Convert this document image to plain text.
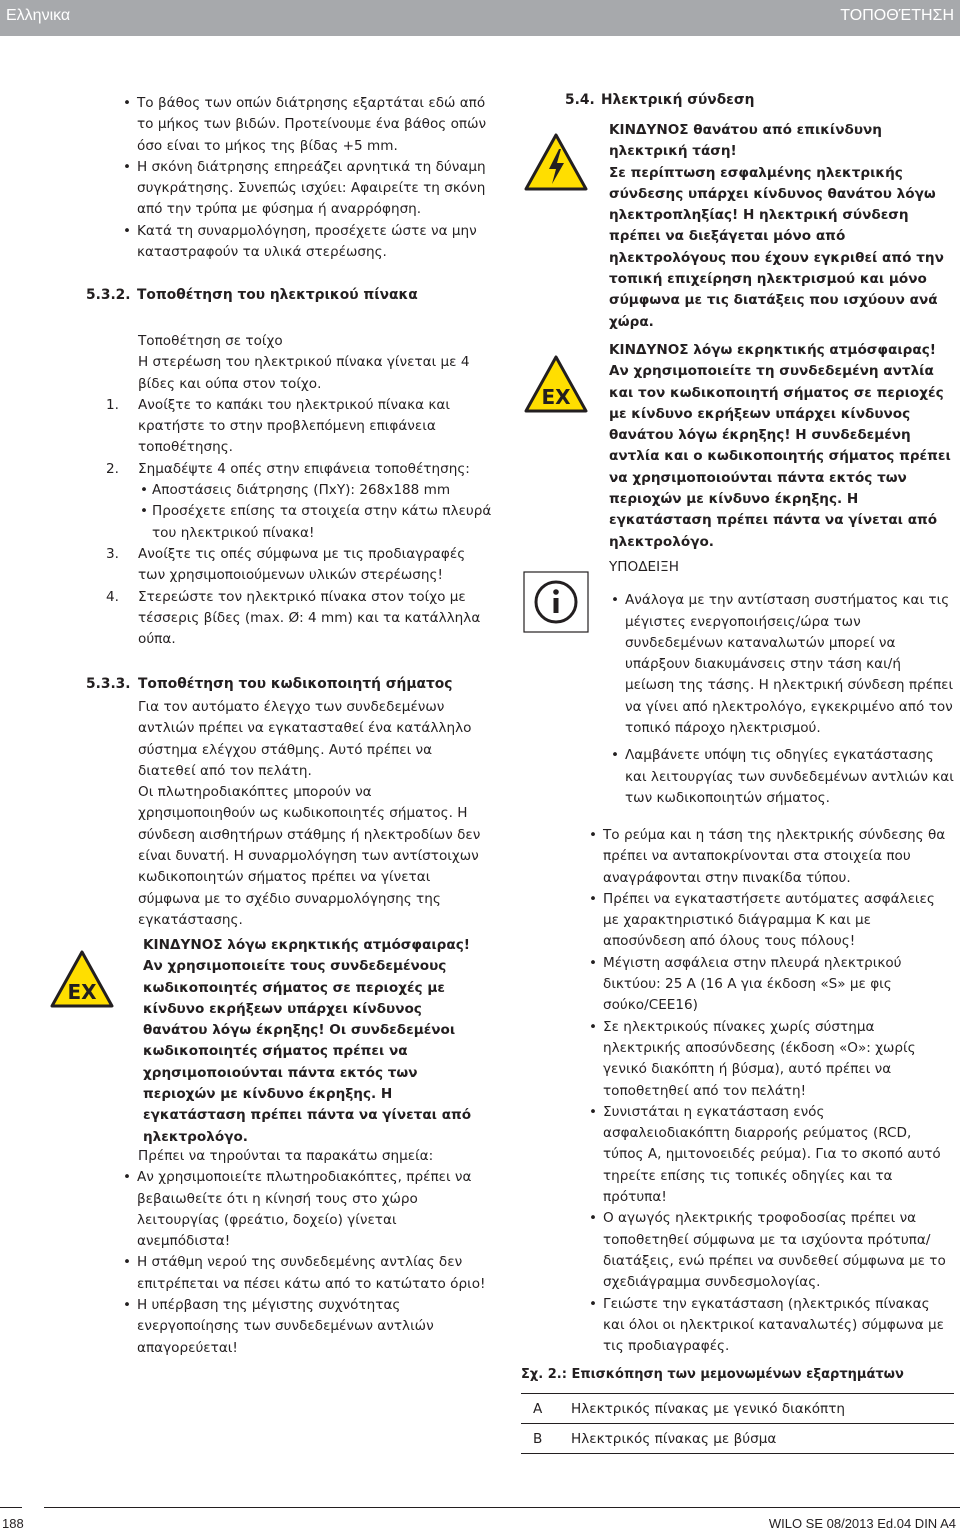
Ελληνικα	ΤΟΠΟΘΈΤΗΣΗ
• Το βάθος των οπών διάτρησης εξαρτάται εδώ από το μήκος των βιδών. Προτείνουμε ένα βάθος οπών όσο είναι το μήκος της βίδας +5 mm.
• Η σκόνη διάτρησης επηρεάζει αρνητικά τη δύναμη συγκράτησης. Συνεπώς ισχύει: Αφαιρείτε τη σκόνη από την τρύπα με φύσημα ή αναρρόφηση.
• Κατά τη συναρμολόγηση, προσέχετε ώστε να μην καταστραφούν τα υλικά στερέωσης.
5.3.2. Τοποθέτηση του ηλεκτρικού πίνακα

Τοποθέτηση σε τοίχο

Η στερέωση του ηλεκτρικού πίνακα γίνεται με 4 βίδες και ούπα στον τοίχο.

1. Ανοίξτε το καπάκι του ηλεκτρικού πίνακα και κρατήστε το στην προβλεπόμενη επιφάνεια τοποθέτησης.
2. Σημαδέψτε 4 οπές στην επιφάνεια τοποθέτησης:
• Αποστάσεις διάτρησης (ΠxΥ): 268x188 mm
• Προσέχετε επίσης τα στοιχεία στην κάτω πλευρά του ηλεκτρικού πίνακα!
3. Ανοίξτε τις οπές σύμφωνα με τις προδιαγραφές των χρησιμοποιούμενων υλικών στερέωσης!
4. Στερεώστε τον ηλεκτρικό πίνακα στον τοίχο με τέσσερις βίδες (max. Ø: 4 mm) και τα κατάλληλα ούπα.
5.3.3. Τοποθέτηση του κωδικοποιητή σήματος

Για τον αυτόματο έλεγχο των συνδεδεμένων αντλιών πρέπει να εγκατασταθεί ένα κατάλληλο σύστημα ελέγχου στάθμης. Αυτό πρέπει να διατεθεί από τον πελάτη.

Οι πλωτηροδιακόπτες μπορούν να χρησιμοποιηθούν ως κωδικοποιητές σήματος. Η σύνδεση αισθητήρων στάθμης ή ηλεκτροδίων δεν είναι δυνατή. Η συναρμολόγηση των αντίστοιχων κωδικοποιητών σήματος πρέπει να γίνεται σύμφωνα με το σχέδιο συναρμολόγησης της εγκατάστασης.

EX

ΚΙΝΔΥΝΟΣ λόγω εκρηκτικής ατμόσφαιρας!

Αν χρησιμοποιείτε τους συνδεδεμένους κωδικοποιητές σήματος σε περιοχές με κίνδυνο εκρήξεων υπάρχει κίνδυνος θανάτου λόγω έκρηξης! Οι συνδεδεμένοι κωδικοποιητές σήματος πρέπει να χρησιμοποιούνται πάντα εκτός των περιοχών με κίνδυνο έκρηξης. Η εγκατάσταση πρέπει πάντα να γίνεται από ηλεκτρολόγο.

Πρέπει να τηρούνται τα παρακάτω σημεία:

• Αν χρησιμοποιείτε πλωτηροδιακόπτες, πρέπει να βεβαιωθείτε ότι η κίνησή τους στο χώρο λειτουργίας (φρεάτιο, δοχείο) γίνεται ανεμπόδιστα!
• Η στάθμη νερού της συνδεδεμένης αντλίας δεν επιτρέπεται να πέσει κάτω από το κατώτατο όριο!
• Η υπέρβαση της μέγιστης συχνότητας ενεργοποίησης των συνδεδεμένων αντλιών απαγορεύεται!
5.4. Ηλεκτρική σύνδεση

ΚΙΝΔΥΝΟΣ θανάτου από επικίνδυνη ηλεκτρική τάση!

Σε περίπτωση εσφαλμένης ηλεκτρικής σύνδεσης υπάρχει κίνδυνος θανάτου λόγω ηλεκτροπληξίας! Η ηλεκτρική σύνδεση πρέπει να διεξάγεται μόνο από ηλεκτρολόγους που έχουν εγκριθεί από την τοπική επιχείρηση ηλεκτρισμού και μόνο σύμφωνα με τις διατάξεις που ισχύουν ανά χώρα.

EX

ΚΙΝΔΥΝΟΣ λόγω εκρηκτικής ατμόσφαιρας!

Αν χρησιμοποιείτε τη συνδεδεμένη αντλία και τον κωδικοποιητή σήματος σε περιοχές με κίνδυνο εκρήξεων υπάρχει κίνδυνος θανάτου λόγω έκρηξης! Η συνδεδεμένη αντλία και ο κωδικοποιητής σήματος πρέπει να χρησιμοποιούνται πάντα εκτός των περιοχών με κίνδυνο έκρηξης. Η εγκατάσταση πρέπει πάντα να γίνεται από ηλεκτρολόγο.

ΥΠΟΔΕΙΞΗ

• Ανάλογα με την αντίσταση συστήματος και τις μέγιστες ενεργοποιήσεις/ώρα των συνδεδεμένων καταναλωτών μπορεί να υπάρξουν διακυμάνσεις στην τάση και/ή μείωση της τάσης. Η ηλεκτρική σύνδεση πρέπει να γίνει από ηλεκτρολόγο, εγκεκριμένο από τον τοπικό πάροχο ηλεκτρισμού.
• Λαμβάνετε υπόψη τις οδηγίες εγκατάστασης και λειτουργίας των συνδεδεμένων αντλιών και των κωδικοποιητών σήματος.
• Το ρεύμα και η τάση της ηλεκτρικής σύνδεσης θα πρέπει να ανταποκρίνονται στα στοιχεία που αναγράφονται στην πινακίδα τύπου.
• Πρέπει να εγκαταστήσετε αυτόματες ασφάλειες με χαρακτηριστικό διάγραμμα K και με αποσύνδεση από όλους τους πόλους!
• Μέγιστη ασφάλεια στην πλευρά ηλεκτρικού δικτύου: 25 A (16 A για έκδοση «S» με φις σούκο/CEE16)
• Σε ηλεκτρικούς πίνακες χωρίς σύστημα ηλεκτρικής αποσύνδεσης (έκδοση «O»: χωρίς γενικό διακόπτη ή βύσμα), αυτό πρέπει να τοποθετηθεί από τον πελάτη!
• Συνιστάται η εγκατάσταση ενός ασφαλειοδιακόπτη διαρροής ρεύματος (RCD, τύπος A, ημιτονοειδές ρεύμα). Για το σκοπό αυτό τηρείτε επίσης τις τοπικές οδηγίες και τα πρότυπα!
• Ο αγωγός ηλεκτρικής τροφοδοσίας πρέπει να τοποθετηθεί σύμφωνα με τα ισχύοντα πρότυπα/διατάξεις, ενώ πρέπει να συνδεθεί σύμφωνα με το σχεδιάγραμμα συνδεσμολογίας.
• Γειώστε την εγκατάσταση (ηλεκτρικός πίνακας και όλοι οι ηλεκτρικοί καταναλωτές) σύμφωνα με τις προδιαγραφές.
Σχ. 2.: Επισκόπηση των μεμονωμένων εξαρτημάτων
A	Ηλεκτρικός πίνακας με γενικό διακόπτη
B	Ηλεκτρικός πίνακας με βύσμα
188	WILO SE 08/2013 Ed.04 DIN A4
